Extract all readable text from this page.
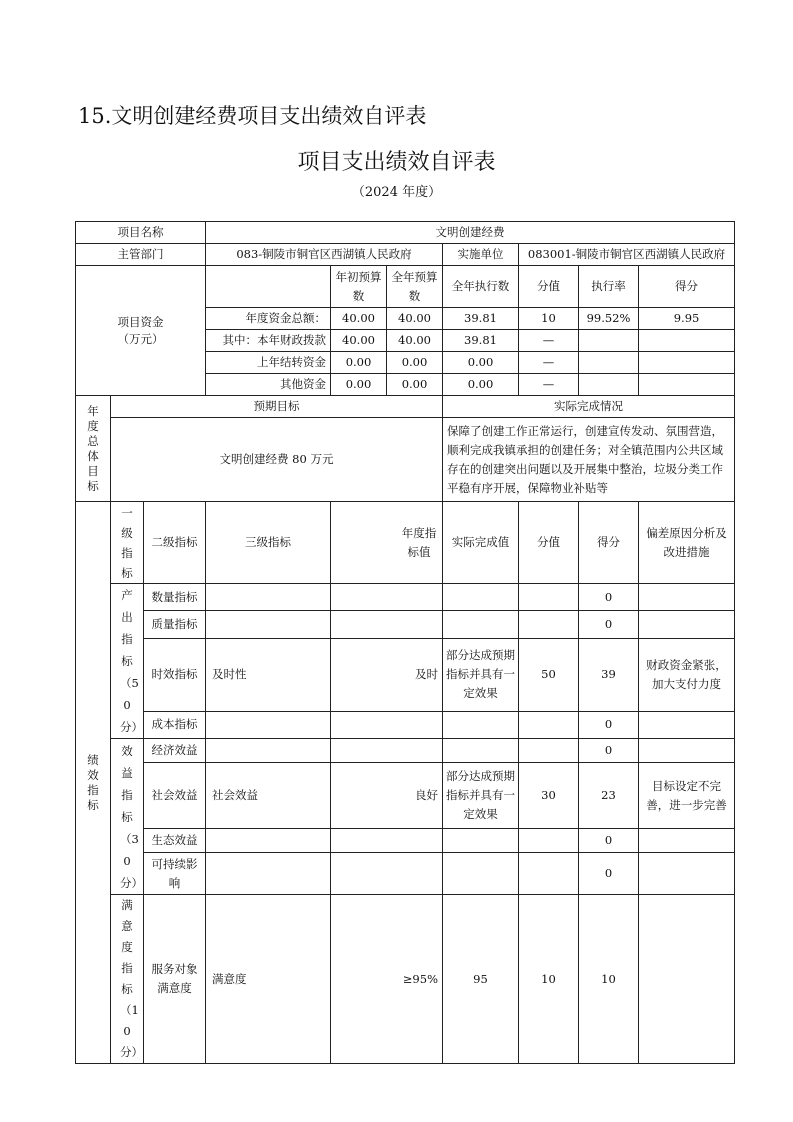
15.文明创建经费项目支出绩效自评表
项目支出绩效自评表
（2024 年度）
项目名称			文明创建经费						
主管部门			083-铜陵市铜官区西湖镇人民政府			实施单位	083001-铜陵市铜官区西湖镇人民政府		

项目资金
（万元）				年初预算数	全年预算数	全年执行数	分值	执行率	得分
			年度资金总额：	40.00	40.00	39.81	10	99.52%	9.95
			其中：本年财政拨款	40.00	40.00	39.81	—		
			上年结转资金	0.00	0.00	0.00	—		
			其他资金	0.00	0.00	0.00	—		

年度总体目标	预期目标					实际完成情况			
	文明创建经费 80 万元					保障了创建工作正常运行，创建宣传发动、氛围营造，顺利完成我镇承担的创建任务；对全镇范围内公共区域存在的创建突出问题以及开展集中整治，垃圾分类工作平稳有序开展，保障物业补贴等			

绩效指标	一级指标	二级指标	三级指标	年度指标值		实际完成值	分值	得分	偏差原因分析及改进措施

	产出指标（50分）	数量指标						0	
		质量指标						0	
		时效指标	及时性	及时		部分达成预期指标并具有一定效果	50	39	财政资金紧张，加大支付力度
		成本指标						0	

	效益指标（30分）	经济效益						0	
		社会效益	社会效益	良好		部分达成预期指标并具有一定效果	30	23	目标设定不完善，进一步完善
		生态效益						0	
		可持续影响						0	

	满意度指标（10分）	服务对象满意度	满意度	≥95%		95	10	10	
